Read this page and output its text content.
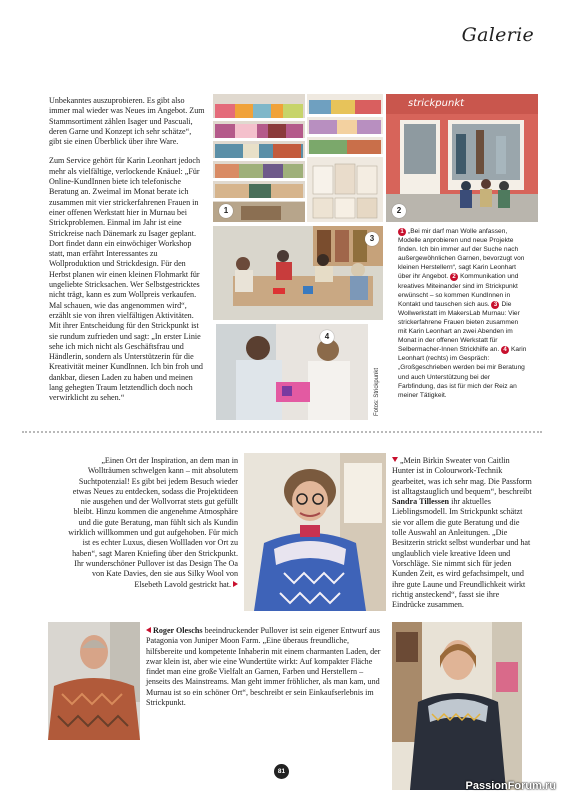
Galerie

Unbekanntes auszuprobieren. Es gibt also immer mal wieder was Neues im Angebot. Zum Stammsortiment zählen Isager und Pascuali, deren Garne und Konzept ich sehr schätze“, gibt sie einen Überblick über ihre Ware.

Zum Service gehört für Karin Leonhart jedoch mehr als vielfältige, verlockende Knäuel: „Für Online-KundInnen biete ich telefonische Beratung an. Zweimal im Monat berate ich zusammen mit vier strickerfahrenen Frauen in einer offenen Werkstatt hier in Murnau bei Strickproblemen. Einmal im Jahr ist eine Strickreise nach Dänemark zu Isager geplant. Dort findet dann ein einwöchiger Workshop statt, man erfährt Interessantes zu Wollproduktion und Strickdesign. Für den Herbst planen wir einen kleinen Flohmarkt für ungeliebte Stricksachen. Wer Selbstgestricktes nicht trägt, kann es zum Wollpreis verkaufen. Mal schauen, wie das angenommen wird“, erzählt sie von ihren vielfältigen Aktivitäten. Mit ihrer Entscheidung für den Strickpunkt ist sie rundum zufrieden und sagt: „In erster Linie sehe ich mich nicht als Geschäftsfrau und Händlerin, sondern als Unterstützerin für die Kreativität meiner KundInnen. Ich bin froh und dankbar, diesen Laden zu haben und meinen lang gehegten Traum letztendlich doch noch verwirklicht zu sehen.“

1
strickpunkt
2
3
4
Fotos: Strickpunkt
1 „Bei mir darf man Wolle anfassen, Modelle anprobieren und neue Projekte finden. Ich bin immer auf der Suche nach außergewöhnlichen Garnen, bevorzugt von kleinen Herstellern“, sagt Karin Leonhart über ihr Angebot. 2 Kommunikation und kreatives Miteinander sind im Strickpunkt erwünscht – so kommen KundInnen in Kontakt und tauschen sich aus. 3 Die Wollwerkstatt im MakersLab Murnau: Vier strickerfahrene Frauen bieten zusammen mit Karin Leonhart an zwei Abenden im Monat in der offenen Werkstatt für Selbermacher-Innen Strickhilfe an. 4 Karin Leonhart (rechts) im Gespräch: „Großgeschrieben werden bei mir Beratung und auch Unterstützung bei der Farbfindung, das ist für mich der Reiz an meiner Tätigkeit.
„Einen Ort der Inspiration, an dem man in Wollträumen schwelgen kann – mit absolutem Suchtpotenzial! Es gibt bei jedem Besuch wieder etwas Neues zu entdecken, sodass die Projektideen nie ausgehen und der Wollvorrat stets gut gefüllt bleibt. Hinzu kommen die angenehme Atmosphäre und die gute Beratung, man fühlt sich als Kundin wirklich willkommen und gut aufgehoben. Für mich ist es echter Luxus, diesen Wollladen vor Ort zu haben“, sagt Maren Kniefing über den Strickpunkt. Ihr wunderschöner Pullover ist das Design The Oa von Kate Davies, den sie aus Silky Wool von Elsebeth Lavold gestrickt hat.
„Mein Birkin Sweater von Caitlin Hunter ist in Colourwork-Technik gearbeitet, was ich sehr mag. Die Passform ist alltagstauglich und bequem“, beschreibt Sandra Tillessen ihr aktuelles Lieblingsmodell. Im Strickpunkt schätzt sie vor allem die gute Beratung und die tolle Auswahl an Anleitungen. „Die Besitzerin strickt selbst wunderbar und hat unglaublich viele kreative Ideen und Vorschläge. Sie nimmt sich für jeden Kunden Zeit, es wird gefachsimpelt, und ihre gute Laune und Freundlichkeit wirkt richtig ansteckend“, fasst sie ihre Eindrücke zusammen.
Roger Oleschs beeindruckender Pullover ist sein eigener Entwurf aus Patagonia von Juniper Moon Farm. „Eine überaus freundliche, hilfsbereite und kompetente Inhaberin mit einem charmanten Laden, der zwar klein ist, aber wie eine Wundertüte wirkt: Auf kompakter Fläche findet man eine große Vielfalt an Garnen, Farben und Herstellern – jenseits des Mainstreams. Man geht immer fröhlicher, als man kam, und Murnau ist so ein schöner Ort“, beschreibt er sein Einkaufserlebnis im Strickpunkt.
81
PassionForum.ru
